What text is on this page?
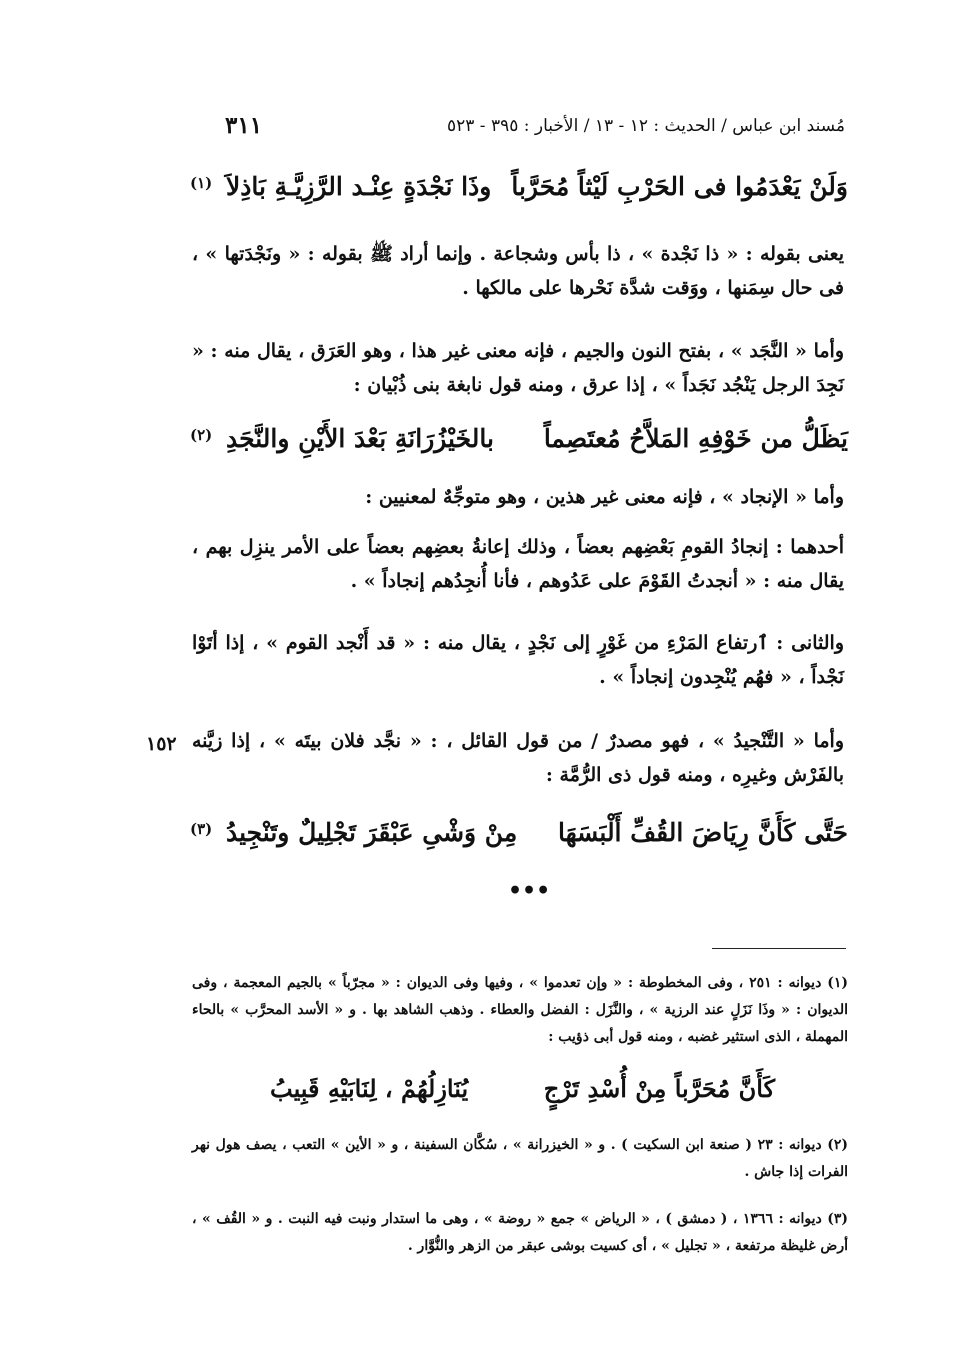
٣١١	مُسند ابن عباس / الحديث : ١٢ - ١٣ / الأخبار : ٣٩٥ - ٥٢٣
وَلَنْ يَعْدَمُوا فى الحَرْبِ لَيْثاً مُحَرَّباً
وذَا نَجْدَةٍ عِنْـد الرَّزِيَّـةِ بَاذِلاَ
(١)
يعنى بقوله : « ذا نَجْدة » ، ذا بأس وشجاعة . وإنما أراد ﷺ بقوله : « ونَجْدَتها » ، فى حال سِمَنها ، ووَقت شدَّة نَحْرها على مالكها .
وأما « النَّجَد » ، بفتح النون والجيم ، فإنه معنى غير هذا ، وهو العَرَق ، يقال منه : « نَجِدَ الرجل يَنْجُد نَجَداً » ، إذا عرق ، ومنه قول نابغة بنى ذُبْيان :
يَظَلُّ من خَوْفِهِ المَلاَّحُ مُعتَصِماً
بالخَيْزُرَانَةِ بَعْدَ الأَيْنِ والنَّجَدِ
(٢)
وأما « الإنجاد » ، فإنه معنى غير هذين ، وهو متوجِّهٌ لمعنيين :
أحدهما : إنجادُ القومِ بَعْضِهم بعضاً ، وذلك إعانةُ بعضِهم بعضاً على الأمر ينزِل بهم ، يقال منه : « أنجدتُ القَوْمَ على عَدُوهم ، فأنا أُنجِدُهم إنجاداً » .
والثانى : ٱرتفاع المَرْءِ من غَوْرٍ إلى نَجْدٍ ، يقال منه : « قد أَنْجد القوم » ، إذا أتَوْا نَجْداً ، « فهُم يُنْجِدون إنجاداً » .
وأما « التَّنْجيدُ » ، فهو مصدرٌ / من قول القائل ، : « نجَّد فلان بيتَه » ، إذا زيَّنه بالفَرْش وغيرِه ، ومنه قول ذى الرُّمَّة :
١٥٢
حَتَّى كَأَنَّ رِيَاضَ القُفِّ أَلْبَسَهَا
مِنْ وَشْىِ عَبْقَرَ تَجْلِيلٌ وتَنْجِيدُ
(٣)
•••
(١) ديوانه : ٢٥١ ، وفى المخطوطة : « وإن تعدموا » ، وفيها وفى الديوان : « مجرّباً » بالجيم المعجمة ، وفى الديوان : « وذَا نَزَلٍ عند الرزية » ، والنَّزَل : الفضل والعطاء . وذهب الشاهد بها . و « الأسد المحرَّب » بالحاء المهملة ، الذى استثير غضبه ، ومنه قول أبى ذؤيب :
كَأَنَّ مُحَرَّباً مِنْ أُسْدِ تَرْجٍ
يُنَازِلُهُمْ ، لِنَابَيْهِ قَبِيبُ
(٢) ديوانه : ٢٣ ( صنعة ابن السكيت ) . و « الخيزرانة » ، سُكَّان السفينة ، و « الأين » التعب ، يصف هول نهر الفرات إذا جاش .
(٣) ديوانه : ١٣٦٦ ، ( دمشق ) ، « الرياض » جمع « روضة » ، وهى ما استدار ونبت فيه النبت . و « القُف » ، أرض غليظة مرتفعة ، « تجليل » ، أى كسيت بوشى عبقر من الزهر والنُّوَّار .
